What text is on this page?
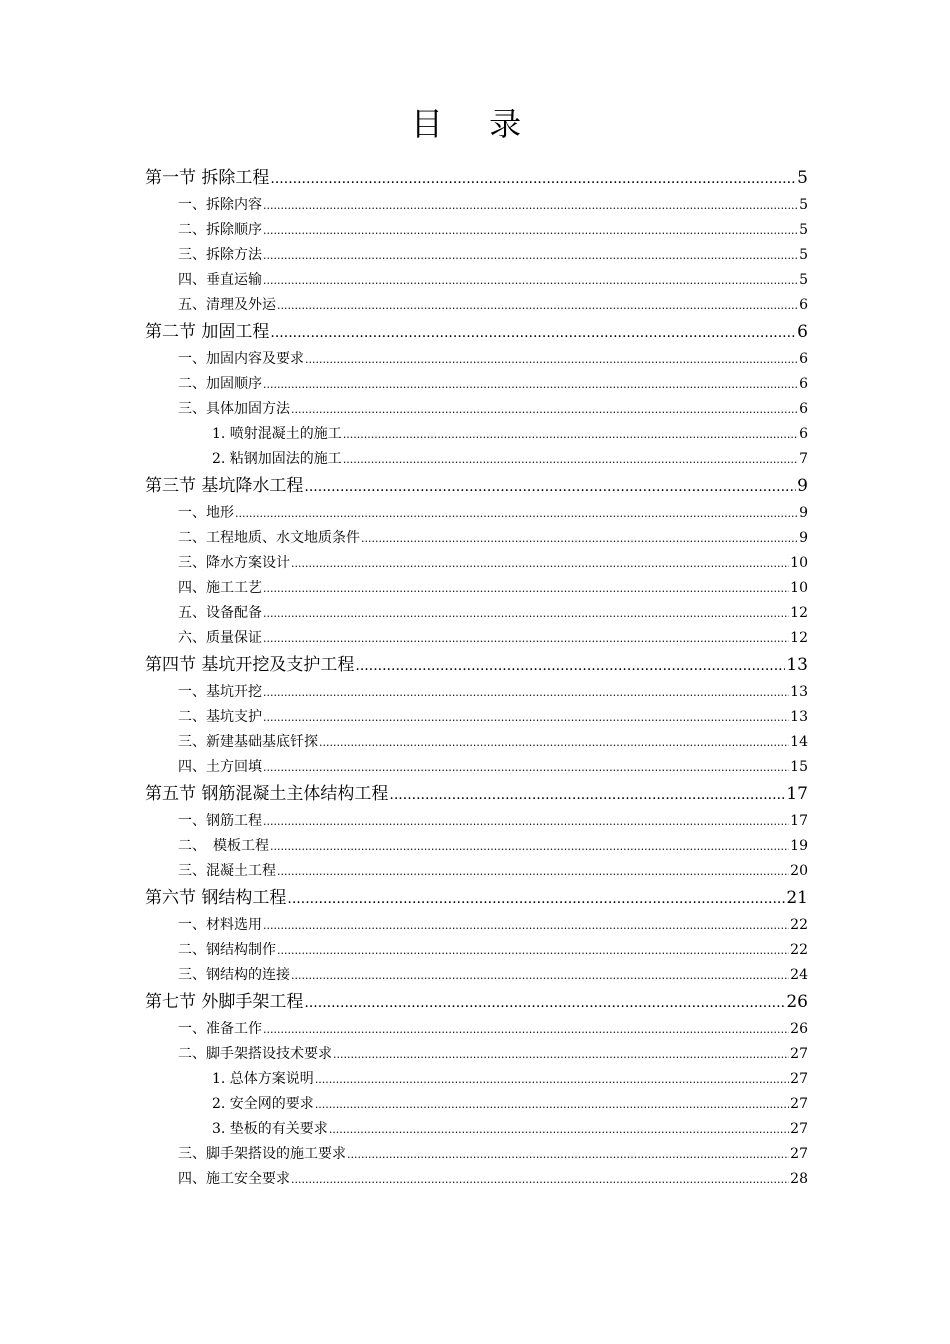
目 录
第一节 拆除工程 .....	5
一、拆除内容 .....	5
二、拆除顺序 .....	5
三、拆除方法 .....	5
四、垂直运输 .....	5
五、清理及外运 .....	6
第二节 加固工程 .....	6
一、加固内容及要求 .....	6
二、加固顺序 .....	6
三、具体加固方法 .....	6
1. 喷射混凝土的施工 .....	6
2. 粘钢加固法的施工 .....	7
第三节 基坑降水工程 .....	9
一、地形 .....	9
二、工程地质、水文地质条件 .....	9
三、降水方案设计 .....	10
四、施工工艺 .....	10
五、设备配备 .....	12
六、质量保证 .....	12
第四节 基坑开挖及支护工程 .....	13
一、基坑开挖 .....	13
二、基坑支护 .....	13
三、新建基础基底钎探 .....	14
四、土方回填 .....	15
第五节 钢筋混凝土主体结构工程 .....	17
一、钢筋工程 .....	17
二、　模板工程 .....	19
三、混凝土工程 .....	20
第六节 钢结构工程 .....	21
一、材料选用 .....	22
二、钢结构制作 .....	22
三、钢结构的连接 .....	24
第七节 外脚手架工程 .....	26
一、准备工作 .....	26
二、脚手架搭设技术要求 .....	27
1. 总体方案说明 .....	27
2. 安全网的要求 .....	27
3. 垫板的有关要求 .....	27
三、脚手架搭设的施工要求 .....	27
四、施工安全要求 .....	28
